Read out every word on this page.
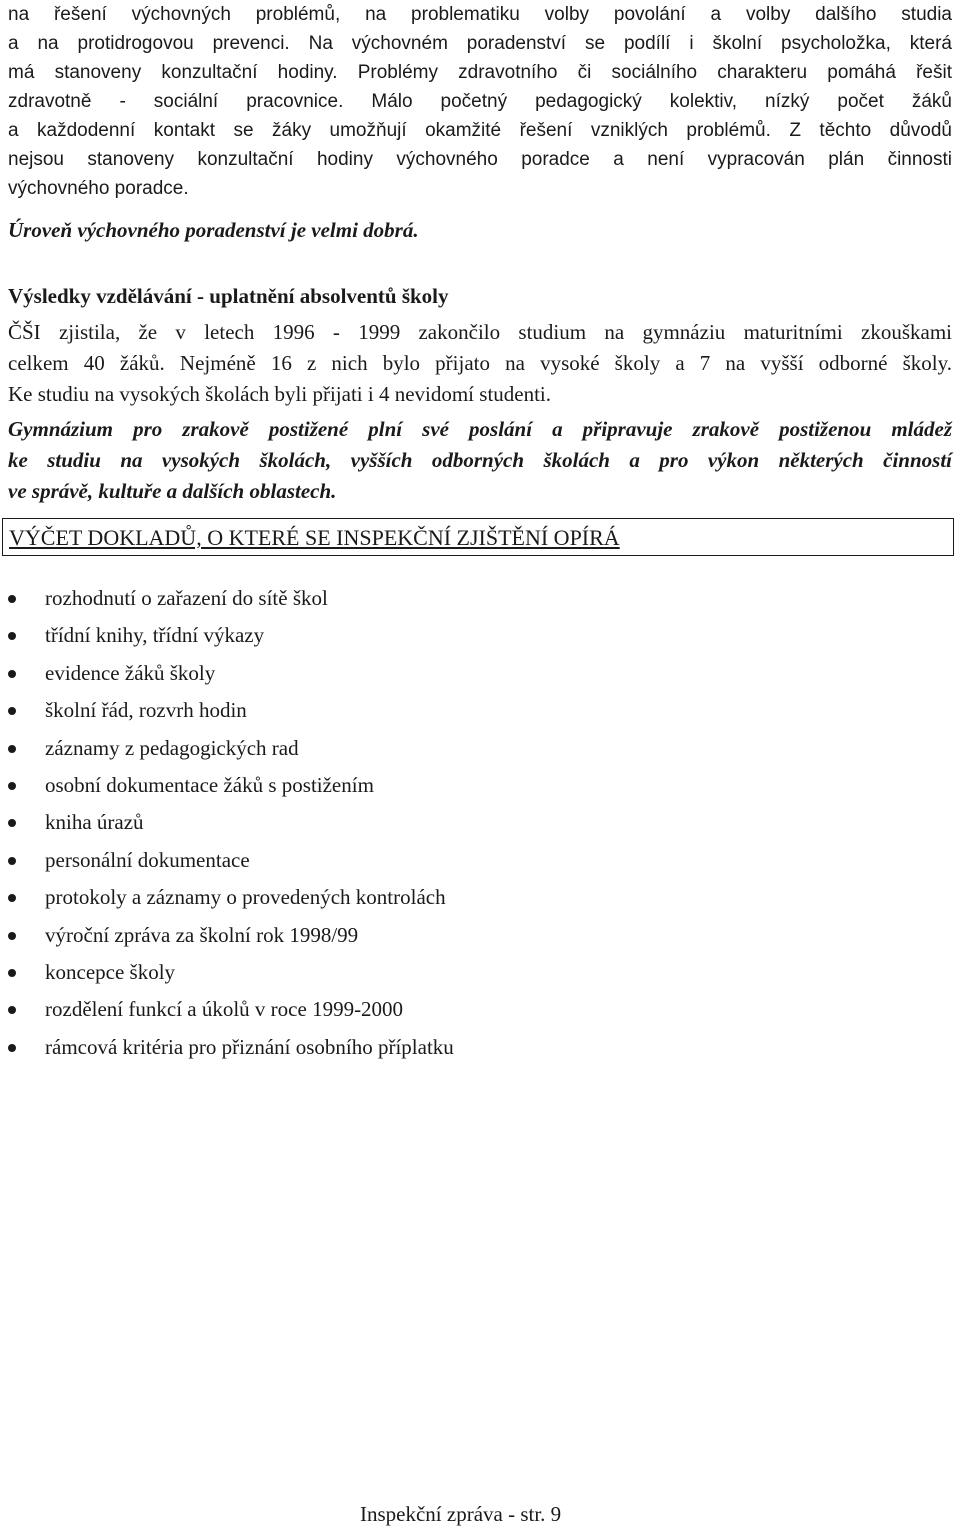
na řešení výchovných problémů, na problematiku volby povolání a volby dalšího studia
a na protidrogovou prevenci. Na výchovném poradenství se podílí i školní psycholožka, která
má stanoveny konzultační hodiny. Problémy zdravotního či sociálního charakteru pomáhá řešit
zdravotně - sociální pracovnice. Málo početný pedagogický kolektiv, nízký počet žáků
a každodenní kontakt se žáky umožňují okamžité řešení vzniklých problémů. Z těchto důvodů
nejsou stanoveny konzultační hodiny výchovného poradce a není vypracován plán činnosti
výchovného poradce.
Úroveň výchovného poradenství je velmi dobrá.
Výsledky vzdělávání - uplatnění absolventů školy
ČŠI zjistila, že v letech 1996 - 1999 zakončilo studium na gymnáziu maturitními zkouškami
celkem 40 žáků. Nejméně 16 z nich bylo přijato na vysoké školy a 7 na vyšší odborné školy.
Ke studiu na vysokých školách byli přijati i 4 nevidomí studenti.
Gymnázium pro zrakově postižené plní své poslání a připravuje zrakově postiženou mládež
ke studiu na vysokých školách, vyšších odborných školách a pro výkon některých činností
ve správě, kultuře a dalších oblastech.
VÝČET DOKLADŮ, O KTERÉ SE INSPEKČNÍ ZJIŠTĚNÍ OPÍRÁ
rozhodnutí o zařazení do sítě škol
třídní knihy, třídní výkazy
evidence žáků školy
školní řád, rozvrh hodin
záznamy z pedagogických rad
osobní dokumentace žáků s postižením
kniha úrazů
personální dokumentace
protokoly a záznamy o provedených kontrolách
výroční zpráva za školní rok 1998/99
koncepce školy
rozdělení funkcí a úkolů v roce 1999-2000
rámcová kritéria pro přiznání osobního příplatku
Inspekční zpráva - str. 9
